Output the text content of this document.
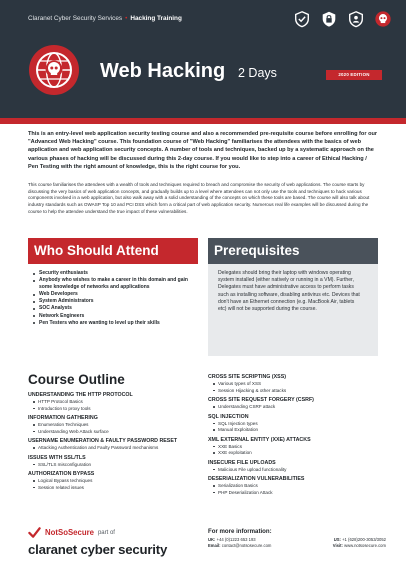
Claranet Cyber Security Services • Hacking Training
Web Hacking 2 Days	2020 EDITION

This is an entry-level web application security testing course and also a recommended pre-requisite course before enrolling for our "Advanced Web Hacking" course. This foundation course of "Web Hacking" familiarises the attendees with the basics of web application and web application security concepts. A number of tools and techniques, backed up by a systematic approach on the various phases of hacking will be discussed during this 2-day course. If you would like to step into a career of Ethical Hacking / Pen Testing with the right amount of knowledge, this is the right course for you.

This course familiarises the attendees with a wealth of tools and techniques required to breach and compromise the security of web applications. The course starts by discussing the very basics of web application concepts, and gradually builds up to a level where attendees can not only use the tools and techniques to hack various components involved in a web application, but also walk away with a solid understanding of the concepts on which these tools are based. The course will also talk about industry standards such as OWASP Top 10 and PCI DSS which form a critical part of web application security. Numerous real life examples will be discussed during the course to help the attendee understand the true impact of these vulnerabilities.

Who Should Attend
Security enthusiasts
Anybody who wishes to make a career in this domain and gain some knowledge of networks and applications
Web Developers
System Administrators
SOC Analysts
Network Engineers
Pen Testers who are wanting to level up their skills
Prerequisites

Delegates should bring their laptop with windows operating system installed (either natively or running in a VM). Further, Delegates must have administrative access to perform tasks such as installing software, disabling antivirus etc. Devices that don't have an Ethernet connection (e.g. MacBook Air, tablets etc) will not be supported during the course.

Course Outline
UNDERSTANDING THE HTTP PROTOCOL
HTTP Protocol Basics
Introduction to proxy tools
INFORMATION GATHERING
Enumeration Techniques
Understanding Web Attack surface
USERNAME ENUMERATION & FAULTY PASSWORD RESET
Attacking Authentication and Faulty Password mechanisms
ISSUES WITH SSL/TLS
SSL/TLS misconfiguration
AUTHORIZATION BYPASS
Logical Bypass techniques
Session related issues
CROSS SITE SCRIPTING (XSS)
Various types of XSS
Session Hijacking & other attacks
CROSS SITE REQUEST FORGERY (CSRF)
Understanding CSRF attack
SQL INJECTION
SQL Injection types
Manual Exploitation
XML EXTERNAL ENTITY (XXE) ATTACKS
XXE Basics
XXE exploitation
INSECURE FILE UPLOADS
Malicious File upload functionality
DESERIALIZATION VULNERABILITIES
Serialization Basics
PHP Deserialization Attack
NotSoSecure part of
claranet cyber security
For more information:
UK: +44 (0)1223 653 193	US: +1 (628)200-3053/3052
Email: contact@notsosecure.com	Visit: www.notsosecure.com
